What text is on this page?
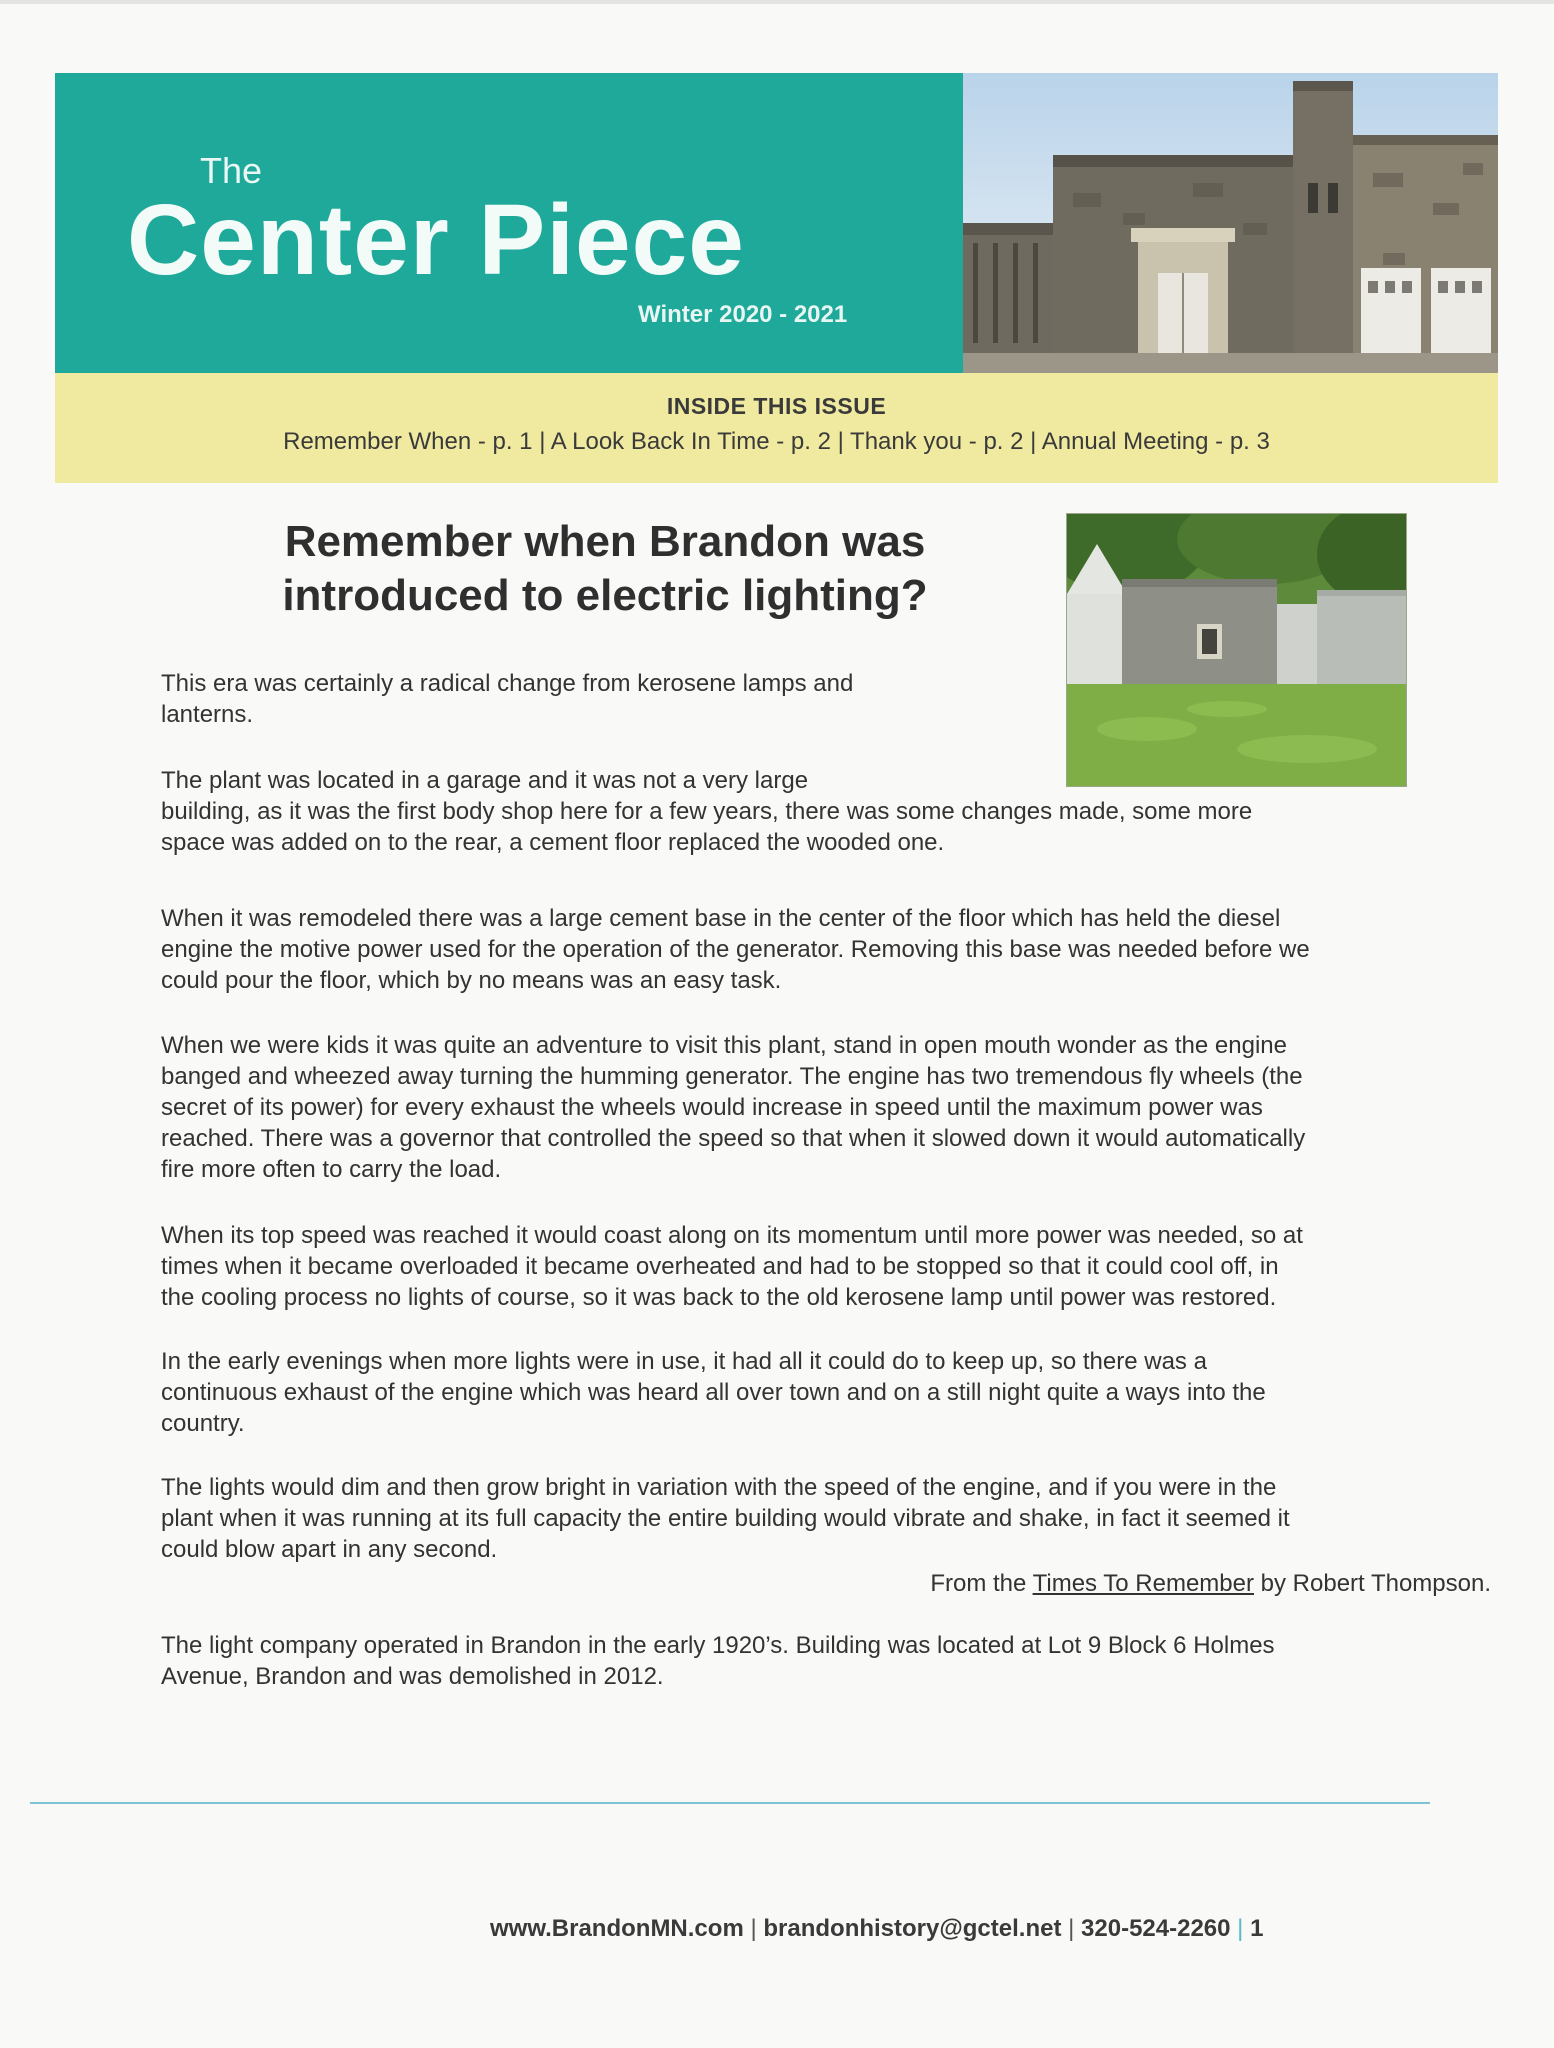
The
Center Piece
Winter 2020 - 2021
INSIDE THIS ISSUE
Remember When - p. 1 | A Look Back In Time - p. 2 | Thank you - p. 2 | Annual Meeting - p. 3
Remember when Brandon was
introduced to electric lighting?
This era was certainly a radical change from kerosene lamps and
lanterns.
The plant was located in a garage and it was not a very large
building, as it was the first body shop here for a few years, there was some changes made, some more
space was added on to the rear, a cement floor replaced the wooded one.
When it was remodeled there was a large cement base in the center of the floor which has held the diesel
engine the motive power used for the operation of the generator. Removing this base was needed before we
could pour the floor, which by no means was an easy task.
When we were kids it was quite an adventure to visit this plant, stand in open mouth wonder as the engine
banged and wheezed away turning the humming generator. The engine has two tremendous fly wheels (the
secret of its power) for every exhaust the wheels would increase in speed until the maximum power was
reached. There was a governor that controlled the speed so that when it slowed down it would automatically
fire more often to carry the load.
When its top speed was reached it would coast along on its momentum until more power was needed, so at
times when it became overloaded it became overheated and had to be stopped so that it could cool off, in
the cooling process no lights of course, so it was back to the old kerosene lamp until power was restored.
In the early evenings when more lights were in use, it had all it could do to keep up, so there was a
continuous exhaust of the engine which was heard all over town and on a still night quite a ways into the
country.
The lights would dim and then grow bright in variation with the speed of the engine, and if you were in the
plant when it was running at its full capacity the entire building would vibrate and shake, in fact it seemed it
could blow apart in any second.
The light company operated in Brandon in the early 1920’s. Building was located at Lot 9 Block 6 Holmes
Avenue, Brandon and was demolished in 2012.
From the Times To Remember by Robert Thompson.
www.BrandonMN.com | brandonhistory@gctel.net | 320-524-2260 | 1
